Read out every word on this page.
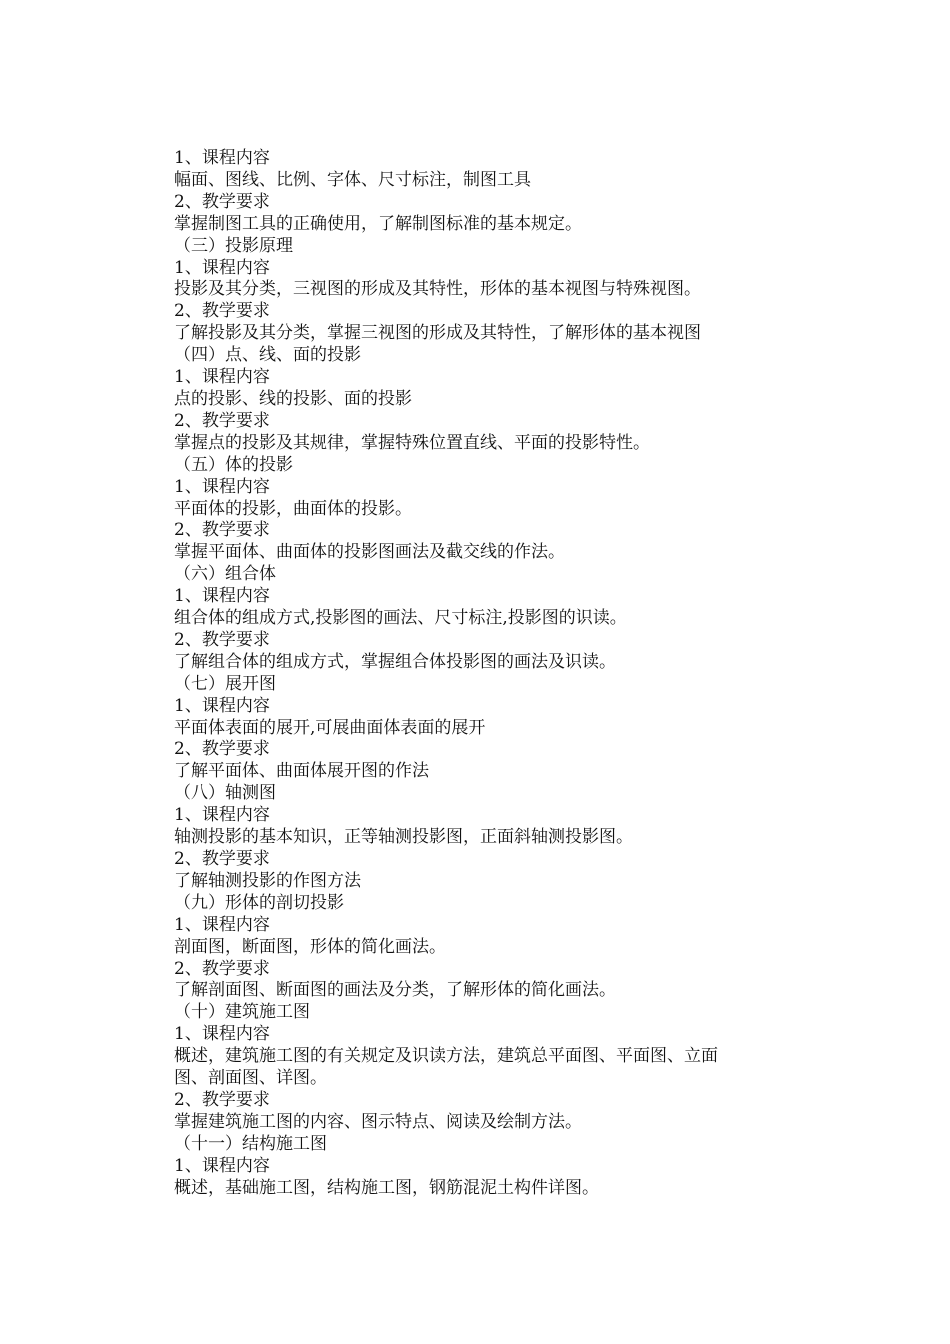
1、课程内容
幅面、图线、比例、字体、尺寸标注，制图工具
2、教学要求
掌握制图工具的正确使用，了解制图标准的基本规定。
（三）投影原理
1、课程内容
投影及其分类，三视图的形成及其特性，形体的基本视图与特殊视图。
2、教学要求
了解投影及其分类，掌握三视图的形成及其特性，了解形体的基本视图
（四）点、线、面的投影
1、课程内容
点的投影、线的投影、面的投影
2、教学要求
掌握点的投影及其规律，掌握特殊位置直线、平面的投影特性。
（五）体的投影
1、课程内容
平面体的投影，曲面体的投影。
2、教学要求
掌握平面体、曲面体的投影图画法及截交线的作法。
（六）组合体
1、课程内容
组合体的组成方式,投影图的画法、尺寸标注,投影图的识读。
2、教学要求
了解组合体的组成方式，掌握组合体投影图的画法及识读。
（七）展开图
1、课程内容
平面体表面的展开,可展曲面体表面的展开
2、教学要求
了解平面体、曲面体展开图的作法
（八）轴测图
1、课程内容
轴测投影的基本知识，正等轴测投影图，正面斜轴测投影图。
2、教学要求
了解轴测投影的作图方法
（九）形体的剖切投影
1、课程内容
剖面图，断面图，形体的简化画法。
2、教学要求
了解剖面图、断面图的画法及分类，了解形体的简化画法。
（十）建筑施工图
1、课程内容
概述，建筑施工图的有关规定及识读方法，建筑总平面图、平面图、立面
图、剖面图、详图。
2、教学要求
掌握建筑施工图的内容、图示特点、阅读及绘制方法。
（十一）结构施工图
1、课程内容
概述，基础施工图，结构施工图，钢筋混泥土构件详图。
